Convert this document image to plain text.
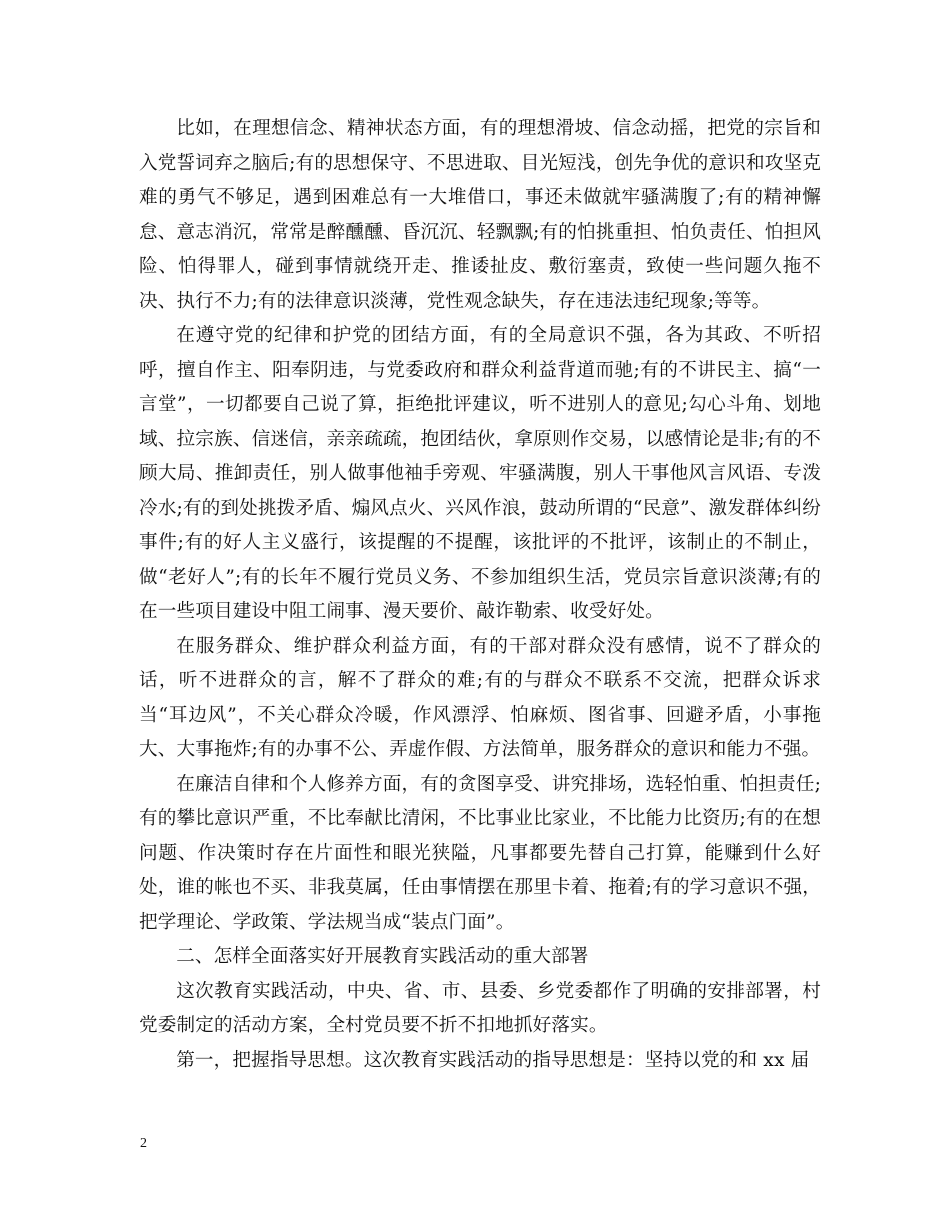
比如，在理想信念、精神状态方面，有的理想滑坡、信念动摇，把党的宗旨和入党誓词弃之脑后;有的思想保守、不思进取、目光短浅，创先争优的意识和攻坚克难的勇气不够足，遇到困难总有一大堆借口，事还未做就牢骚满腹了;有的精神懈怠、意志消沉，常常是醉醺醺、昏沉沉、轻飘飘;有的怕挑重担、怕负责任、怕担风险、怕得罪人，碰到事情就绕开走、推诿扯皮、敷衍塞责，致使一些问题久拖不决、执行不力;有的法律意识淡薄，党性观念缺失，存在违法违纪现象;等等。

在遵守党的纪律和护党的团结方面，有的全局意识不强，各为其政、不听招呼，擅自作主、阳奉阴违，与党委政府和群众利益背道而驰;有的不讲民主、搞“一言堂”，一切都要自己说了算，拒绝批评建议，听不进别人的意见;勾心斗角、划地域、拉宗族、信迷信，亲亲疏疏，抱团结伙，拿原则作交易，以感情论是非;有的不顾大局、推卸责任，别人做事他袖手旁观、牢骚满腹，别人干事他风言风语、专泼冷水;有的到处挑拨矛盾、煽风点火、兴风作浪，鼓动所谓的“民意”、激发群体纠纷事件;有的好人主义盛行，该提醒的不提醒，该批评的不批评，该制止的不制止，做“老好人”;有的长年不履行党员义务、不参加组织生活，党员宗旨意识淡薄;有的在一些项目建设中阻工闹事、漫天要价、敲诈勒索、收受好处。

在服务群众、维护群众利益方面，有的干部对群众没有感情，说不了群众的话，听不进群众的言，解不了群众的难;有的与群众不联系不交流，把群众诉求当“耳边风”，不关心群众冷暖，作风漂浮、怕麻烦、图省事、回避矛盾，小事拖大、大事拖炸;有的办事不公、弄虚作假、方法简单，服务群众的意识和能力不强。

在廉洁自律和个人修养方面，有的贪图享受、讲究排场，选轻怕重、怕担责任;有的攀比意识严重，不比奉献比清闲，不比事业比家业，不比能力比资历;有的在想问题、作决策时存在片面性和眼光狭隘，凡事都要先替自己打算，能赚到什么好处，谁的帐也不买、非我莫属，任由事情摆在那里卡着、拖着;有的学习意识不强，把学理论、学政策、学法规当成“装点门面”。

二、怎样全面落实好开展教育实践活动的重大部署

这次教育实践活动，中央、省、市、县委、乡党委都作了明确的安排部署，村党委制定的活动方案，全村党员要不折不扣地抓好落实。

第一，把握指导思想。这次教育实践活动的指导思想是：坚持以党的和 xx 届

2
